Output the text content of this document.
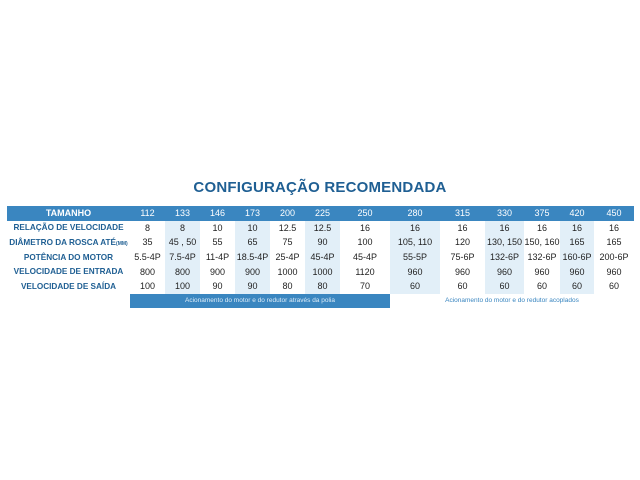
CONFIGURAÇÃO RECOMENDADA
TAMANHO	112	133	146	173	200	225	250	280	315	330	375	420	450
RELAÇÃO DE VELOCIDADE	8	8	10	10	12.5	12.5	16	16	16	16	16	16	16
DIÂMETRO DA ROSCA ATÉ(MM)	35	45 , 50	55	65	75	90	100	105, 110	120	130, 150	150, 160	165	165
POTÊNCIA DO MOTOR	5.5-4P	7.5-4P	11-4P	18.5-4P	25-4P	45-4P	45-4P	55-5P	75-6P	132-6P	132-6P	160-6P	200-6P
VELOCIDADE DE ENTRADA	800	800	900	900	1000	1000	1120	960	960	960	960	960	960
VELOCIDADE DE SAÍDA	100	100	90	90	80	80	70	60	60	60	60	60	60
	Acionamento do motor e do redutor através da polia							Acionamento do motor e do redutor acoplados					
